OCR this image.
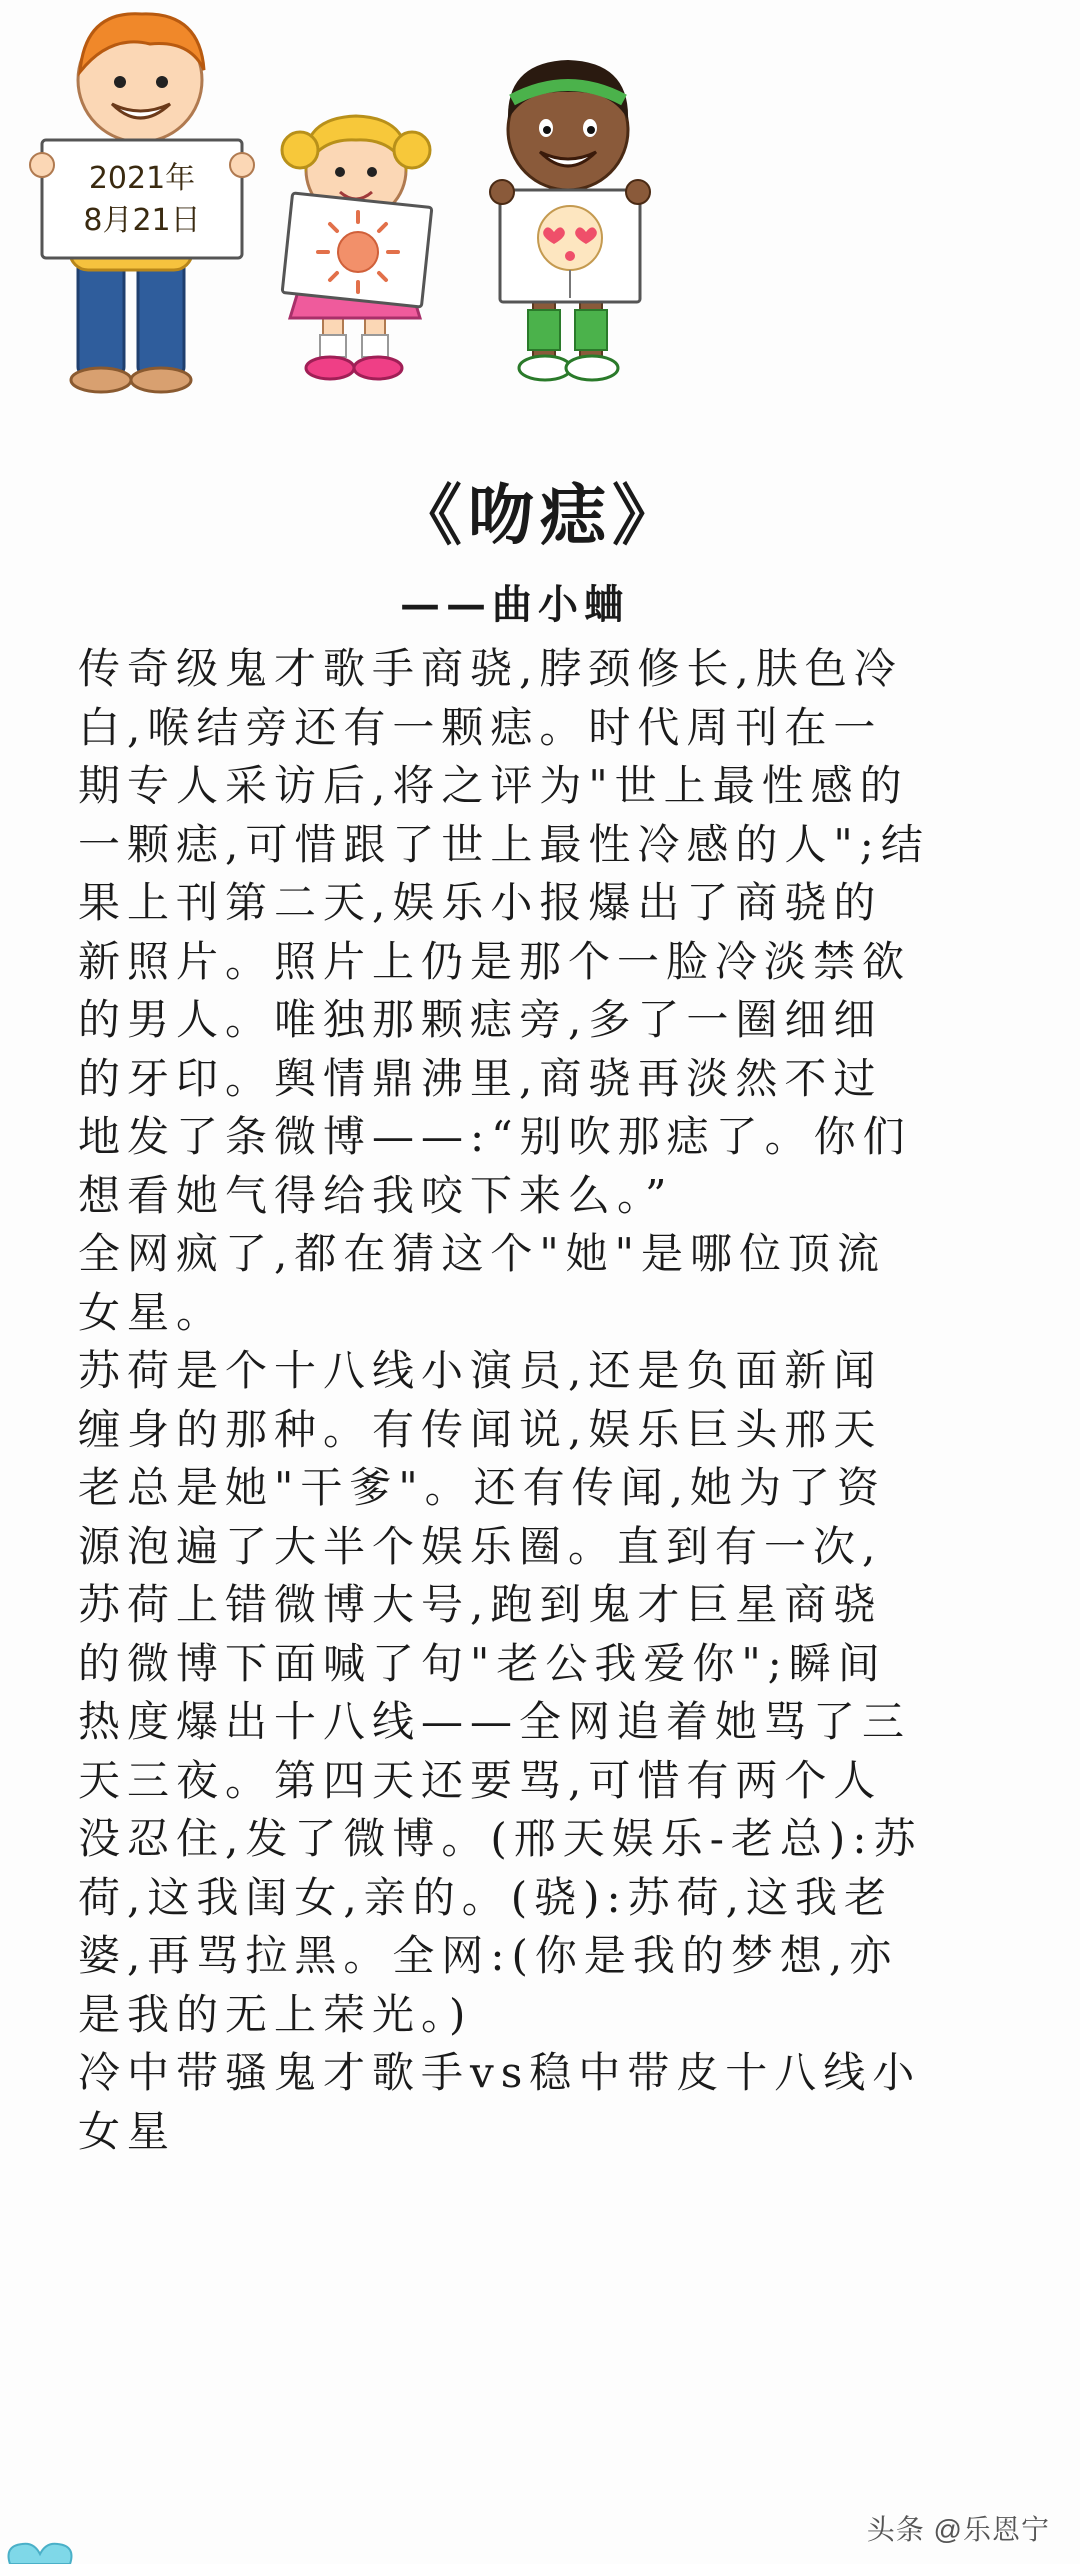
2021年
8月21日
《吻痣》
——曲小蛐
传奇级鬼才歌手商骁,脖颈修长,肤色冷
白,喉结旁还有一颗痣。时代周刊在一
期专人采访后,将之评为"世上最性感的
一颗痣,可惜跟了世上最性冷感的人";结
果上刊第二天,娱乐小报爆出了商骁的
新照片。照片上仍是那个一脸冷淡禁欲
的男人。唯独那颗痣旁,多了一圈细细
的牙印。舆情鼎沸里,商骁再淡然不过
地发了条微博——:“别吹那痣了。你们
想看她气得给我咬下来么。”
全网疯了,都在猜这个"她"是哪位顶流
女星。
苏荷是个十八线小演员,还是负面新闻
缠身的那种。有传闻说,娱乐巨头邢天
老总是她"干爹"。还有传闻,她为了资
源泡遍了大半个娱乐圈。直到有一次,
苏荷上错微博大号,跑到鬼才巨星商骁
的微博下面喊了句"老公我爱你";瞬间
热度爆出十八线——全网追着她骂了三
天三夜。第四天还要骂,可惜有两个人
没忍住,发了微博。(邢天娱乐-老总):苏
荷,这我闺女,亲的。(骁):苏荷,这我老
婆,再骂拉黑。全网:(你是我的梦想,亦
是我的无上荣光。)
冷中带骚鬼才歌手vs稳中带皮十八线小
女星
头条 @乐恩宁
